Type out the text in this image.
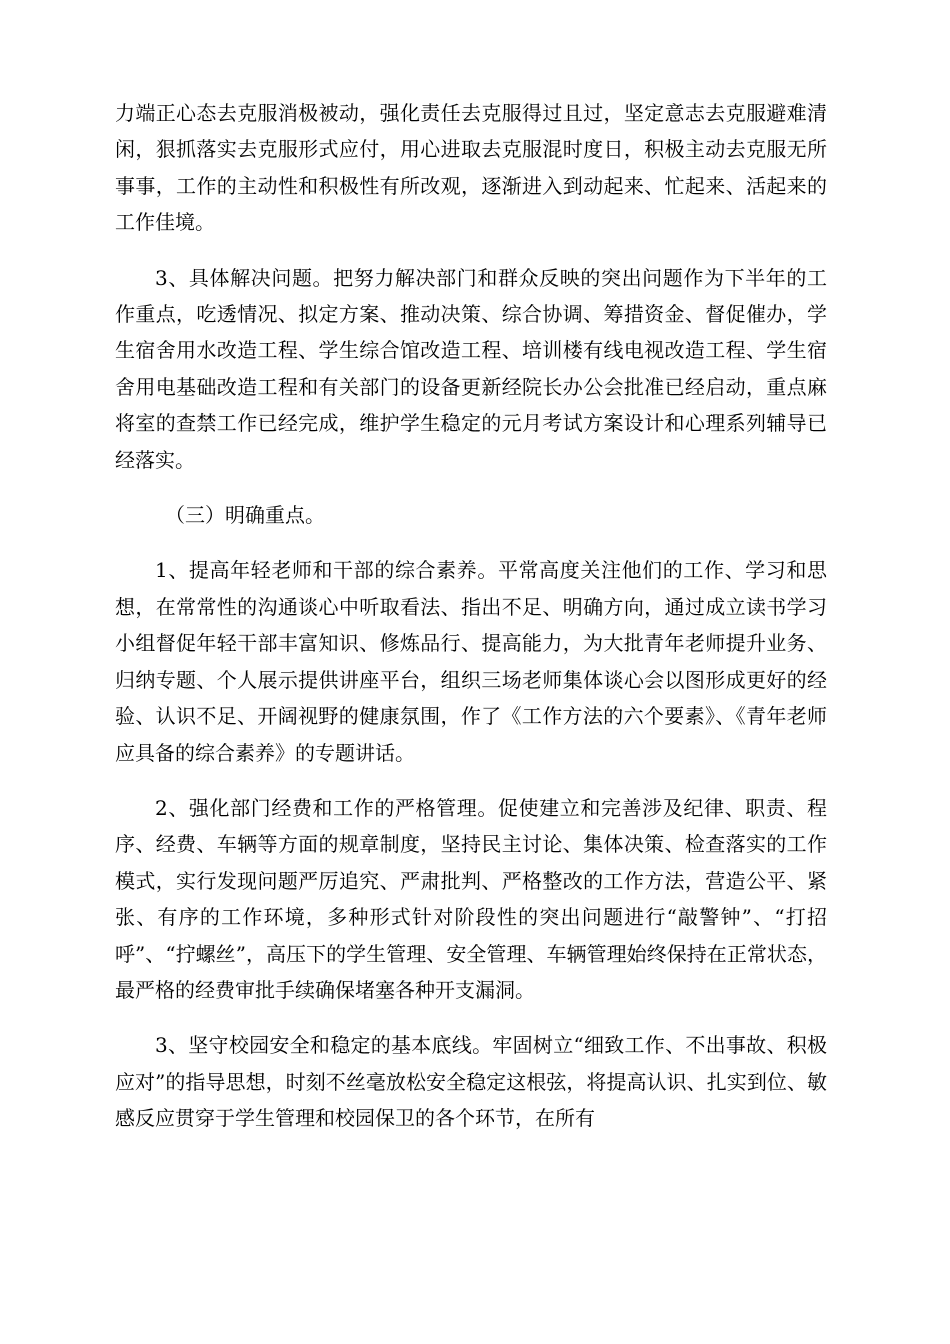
力端正心态去克服消极被动，强化责任去克服得过且过，坚定意志去克服避难清闲，狠抓落实去克服形式应付，用心进取去克服混时度日，积极主动去克服无所事事，工作的主动性和积极性有所改观，逐渐进入到动起来、忙起来、活起来的工作佳境。

3、具体解决问题。把努力解决部门和群众反映的突出问题作为下半年的工作重点，吃透情况、拟定方案、推动决策、综合协调、筹措资金、督促催办，学生宿舍用水改造工程、学生综合馆改造工程、培训楼有线电视改造工程、学生宿舍用电基础改造工程和有关部门的设备更新经院长办公会批准已经启动，重点麻将室的查禁工作已经完成，维护学生稳定的元月考试方案设计和心理系列辅导已经落实。

（三）明确重点。

1、提高年轻老师和干部的综合素养。平常高度关注他们的工作、学习和思想，在常常性的沟通谈心中听取看法、指出不足、明确方向，通过成立读书学习小组督促年轻干部丰富知识、修炼品行、提高能力，为大批青年老师提升业务、归纳专题、个人展示提供讲座平台，组织三场老师集体谈心会以图形成更好的经验、认识不足、开阔视野的健康氛围，作了《工作方法的六个要素》、《青年老师应具备的综合素养》的专题讲话。

2、强化部门经费和工作的严格管理。促使建立和完善涉及纪律、职责、程序、经费、车辆等方面的规章制度，坚持民主讨论、集体决策、检查落实的工作模式，实行发现问题严厉追究、严肃批判、严格整改的工作方法，营造公平、紧张、有序的工作环境，多种形式针对阶段性的突出问题进行“敲警钟”、“打招呼”、“拧螺丝”，高压下的学生管理、安全管理、车辆管理始终保持在正常状态，最严格的经费审批手续确保堵塞各种开支漏洞。

3、坚守校园安全和稳定的基本底线。牢固树立“细致工作、不出事故、积极应对”的指导思想，时刻不丝毫放松安全稳定这根弦，将提高认识、扎实到位、敏感反应贯穿于学生管理和校园保卫的各个环节，在所有
